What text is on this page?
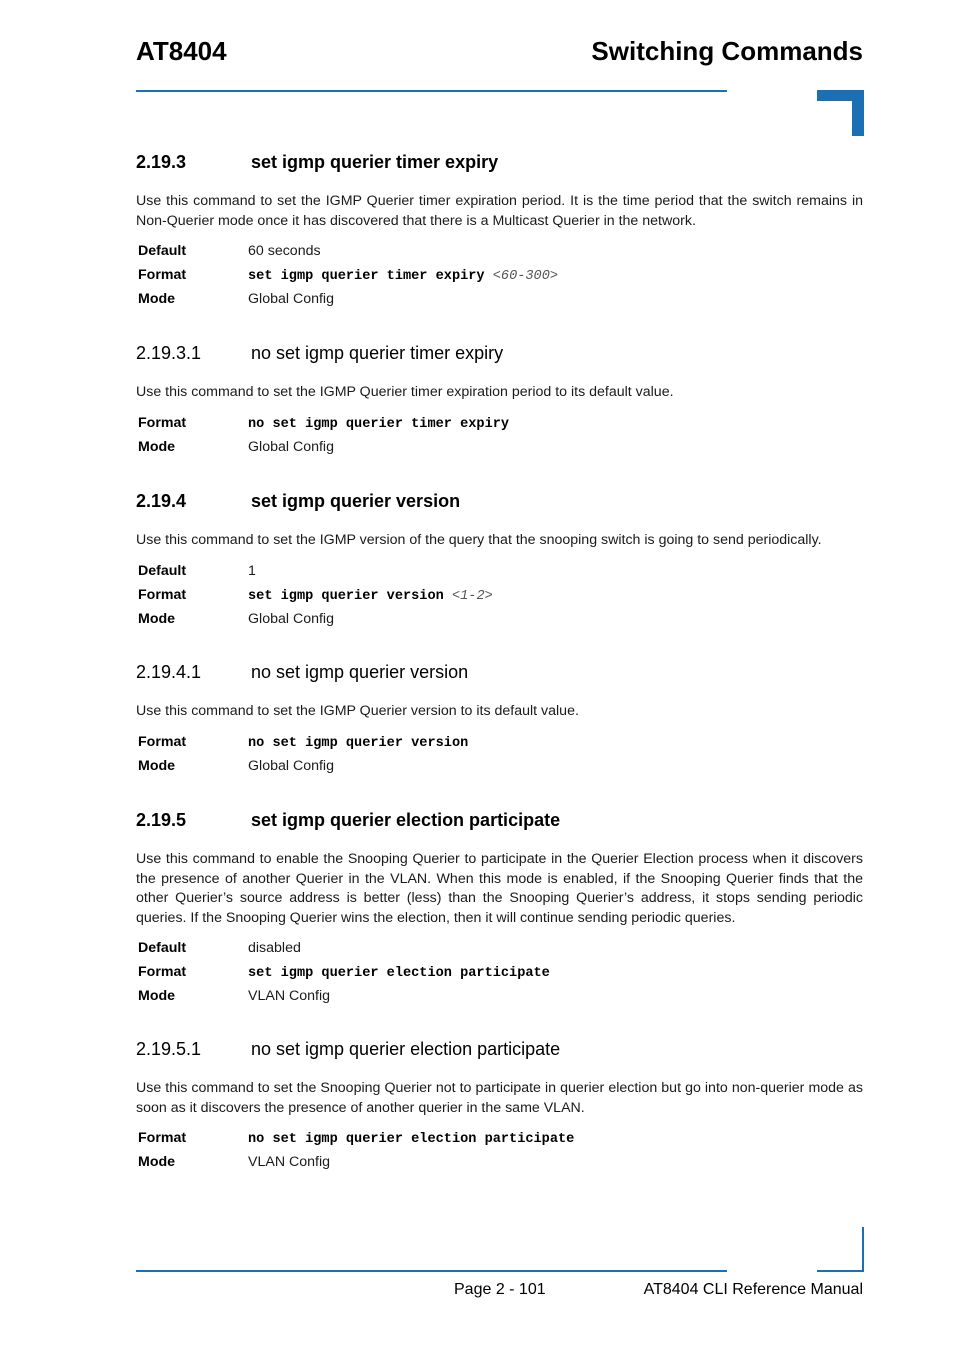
AT8404	Switching Commands
2.19.3	set igmp querier timer expiry
Use this command to set the IGMP Querier timer expiration period. It is the time period that the switch remains in Non-Querier mode once it has discovered that there is a Multicast Querier in the network.
Default	60 seconds
Format	set igmp querier timer expiry <60-300>
Mode	Global Config
2.19.3.1	no set igmp querier timer expiry
Use this command to set the IGMP Querier timer expiration period to its default value.
Format	no set igmp querier timer expiry
Mode	Global Config
2.19.4	set igmp querier version
Use this command to set the IGMP version of the query that the snooping switch is going to send periodically.
Default	1
Format	set igmp querier version <1-2>
Mode	Global Config
2.19.4.1	no set igmp querier version
Use this command to set the IGMP Querier version to its default value.
Format	no set igmp querier version
Mode	Global Config
2.19.5	set igmp querier election participate
Use this command to enable the Snooping Querier to participate in the Querier Election process when it discovers the presence of another Querier in the VLAN. When this mode is enabled, if the Snooping Querier finds that the other Querier’s source address is better (less) than the Snooping Querier’s address, it stops sending periodic queries. If the Snooping Querier wins the election, then it will continue sending periodic queries.
Default	disabled
Format	set igmp querier election participate
Mode	VLAN Config
2.19.5.1	no set igmp querier election participate
Use this command to set the Snooping Querier not to participate in querier election but go into non-querier mode as soon as it discovers the presence of another querier in the same VLAN.
Format	no set igmp querier election participate
Mode	VLAN Config
Page 2 - 101	AT8404 CLI Reference Manual
